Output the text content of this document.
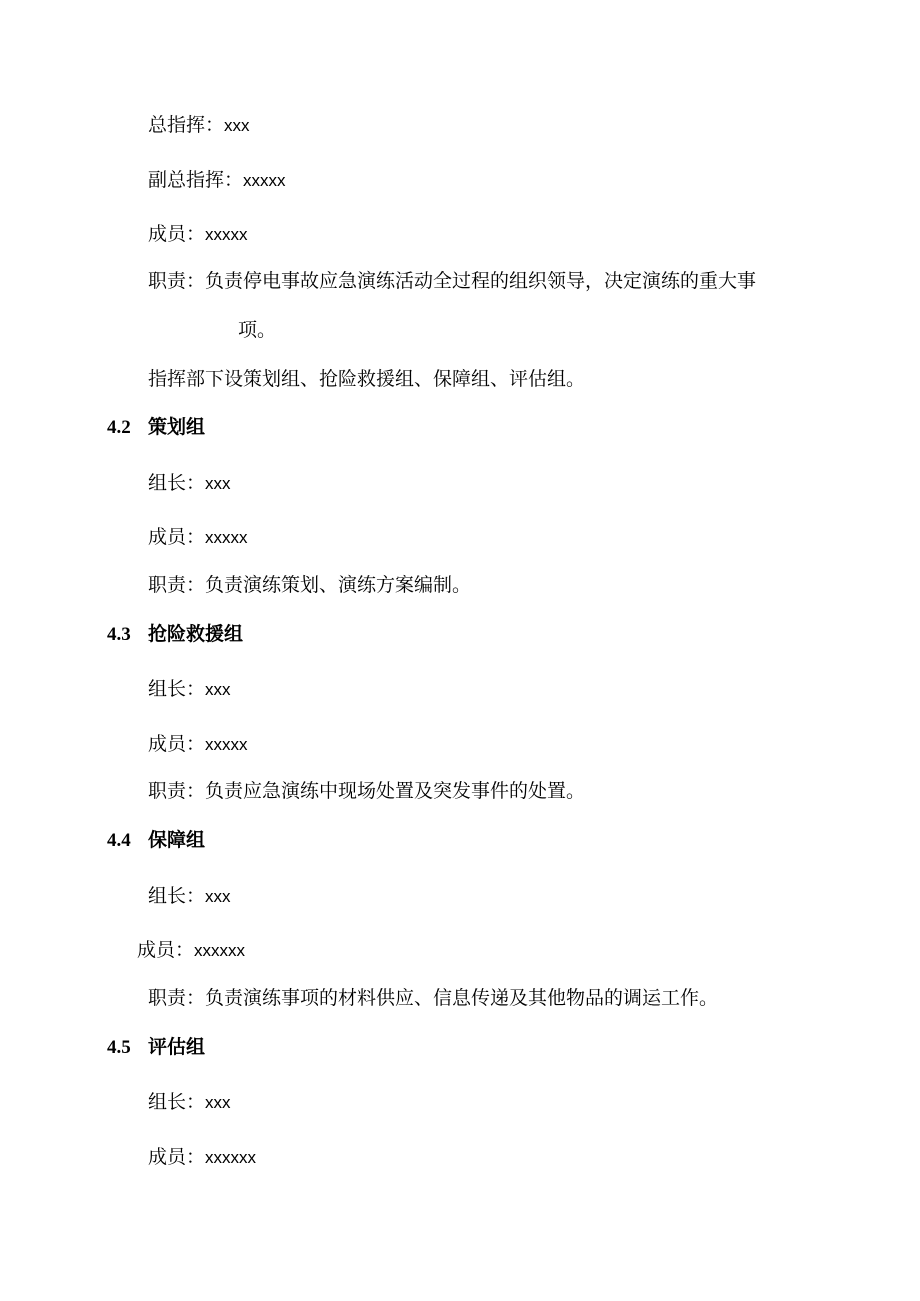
总指挥：xxx
副总指挥：xxxxx
成员：xxxxx
职责：负责停电事故应急演练活动全过程的组织领导，决定演练的重大事
项。
指挥部下设策划组、抢险救援组、保障组、评估组。
4.2 策划组
组长：xxx
成员：xxxxx
职责：负责演练策划、演练方案编制。
4.3 抢险救援组
组长：xxx
成员：xxxxx
职责：负责应急演练中现场处置及突发事件的处置。
4.4 保障组
组长：xxx
成员：xxxxxx
职责：负责演练事项的材料供应、信息传递及其他物品的调运工作。
4.5 评估组
组长：xxx
成员：xxxxxx
